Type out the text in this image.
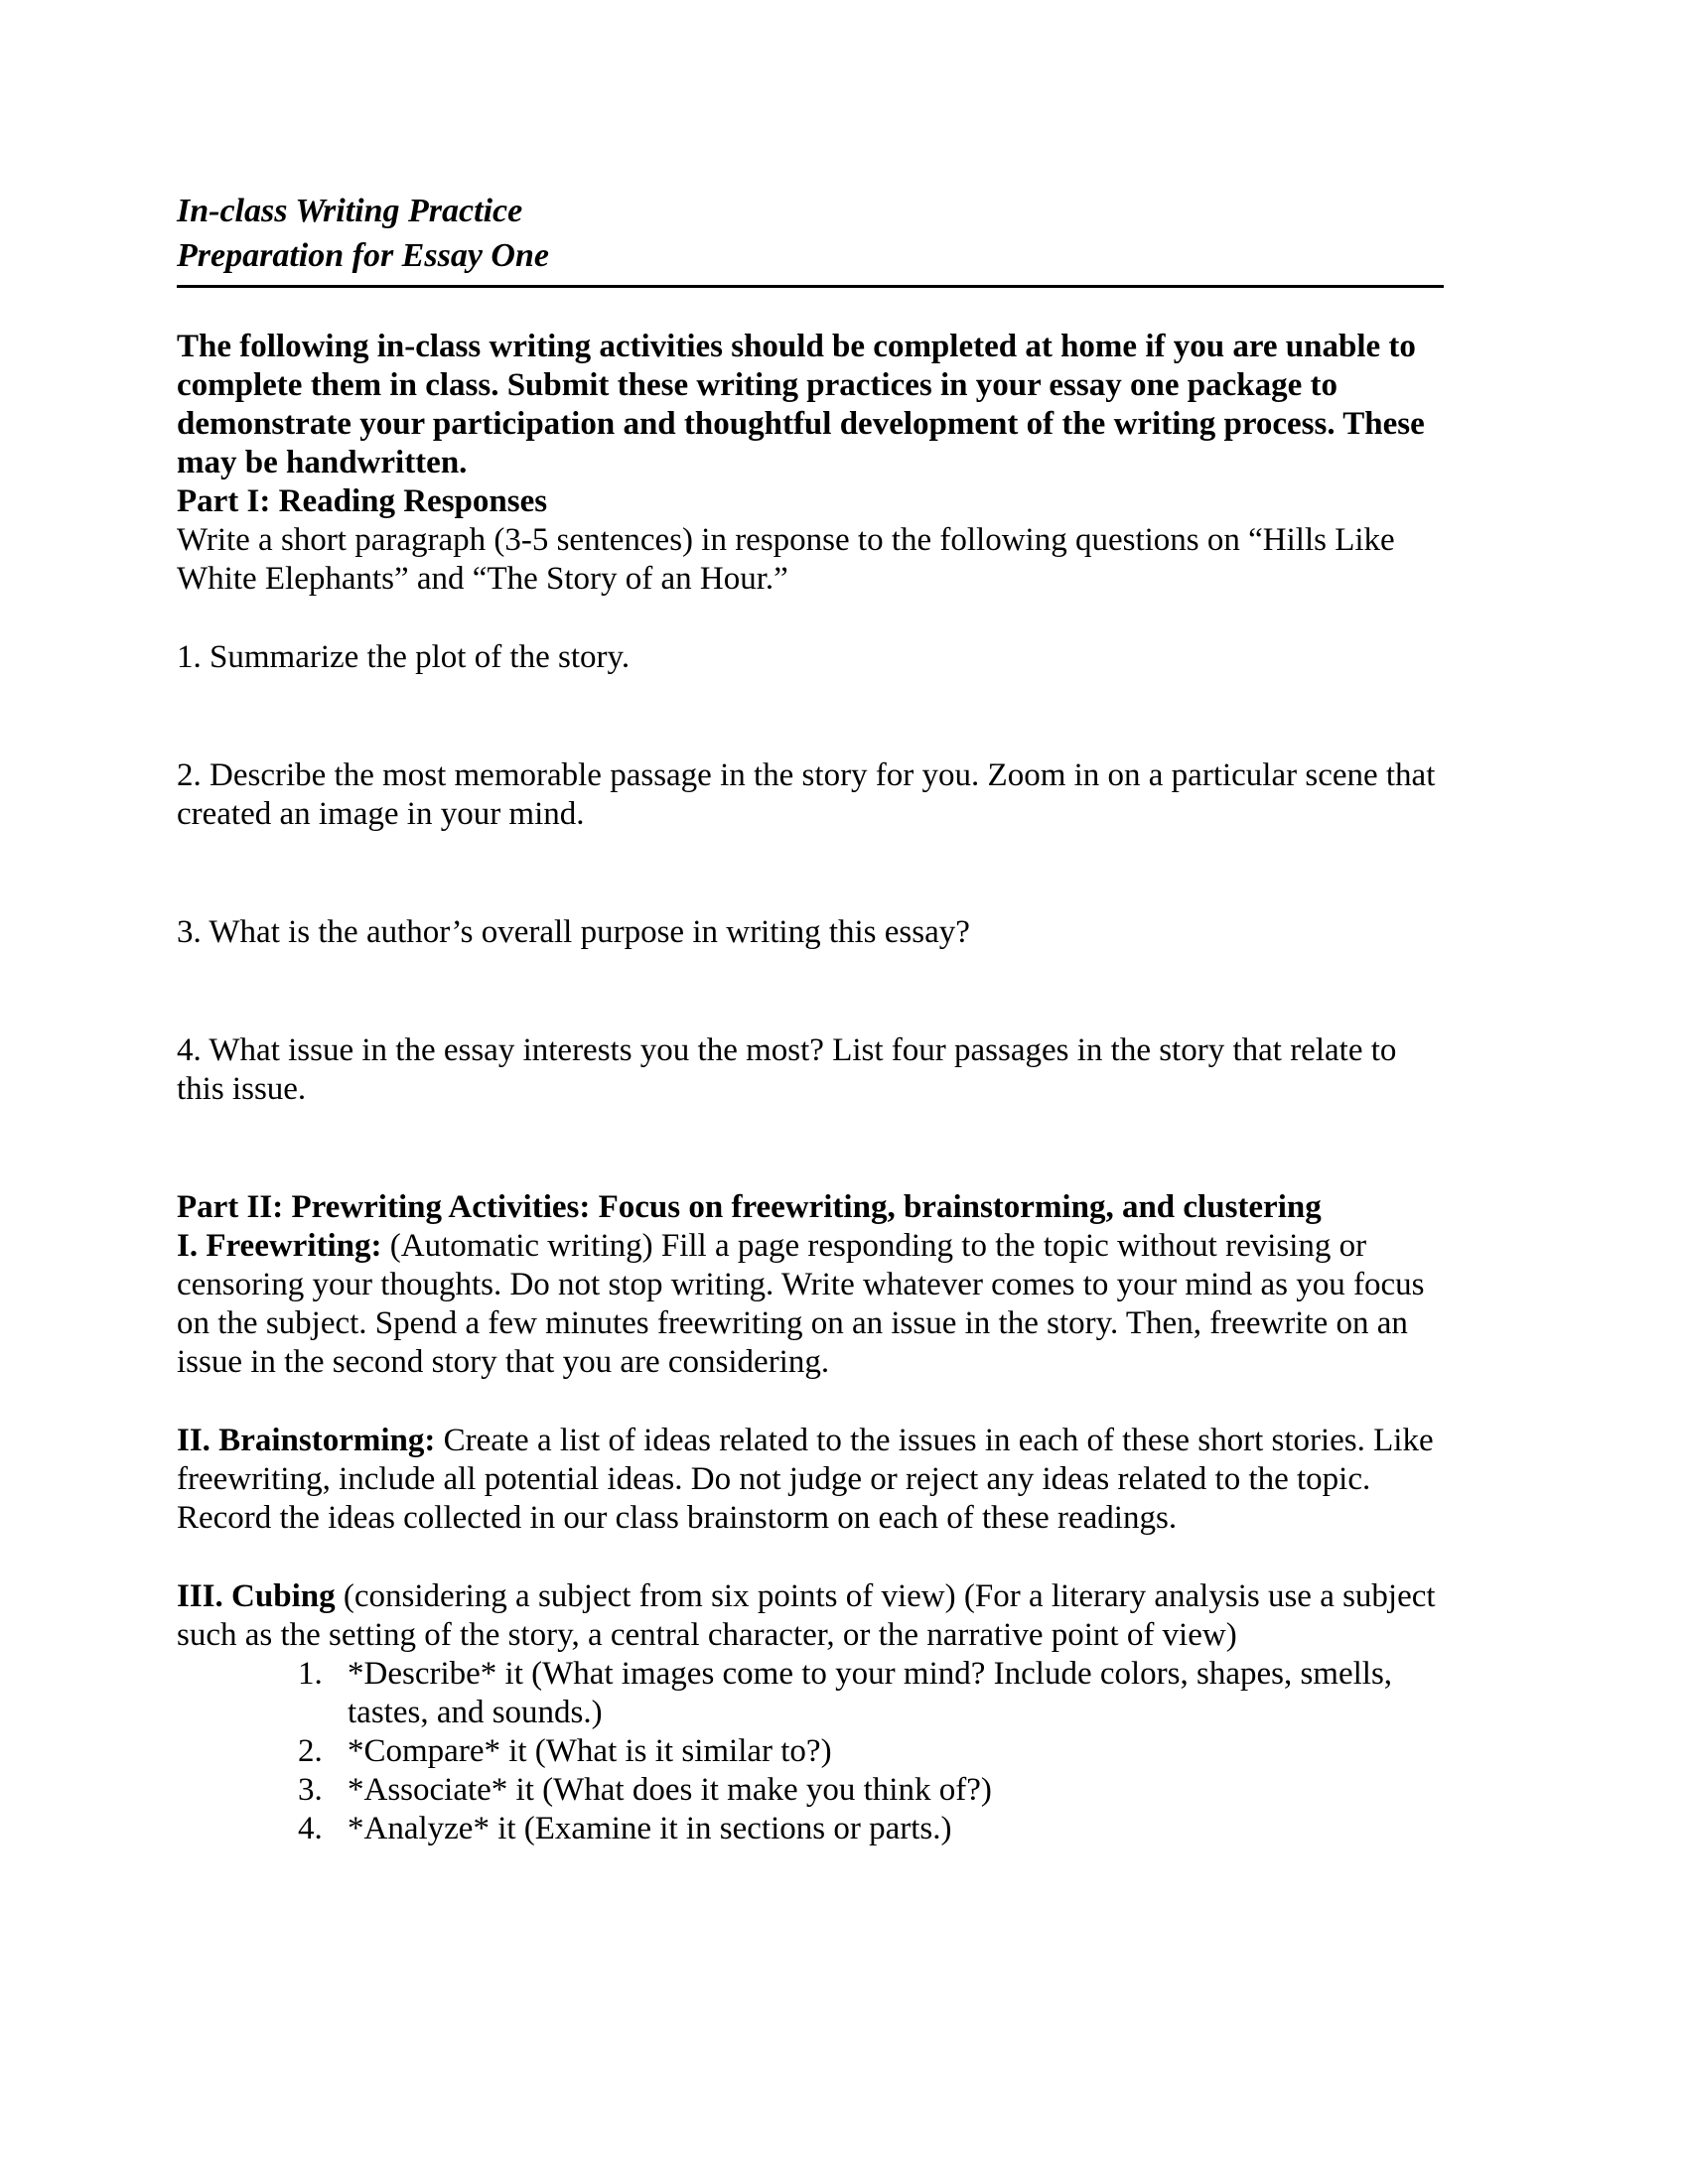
In-class Writing Practice
Preparation for Essay One

The following in-class writing activities should be completed at home if you are unable to complete them in class. Submit these writing practices in your essay one package to demonstrate your participation and thoughtful development of the writing process. These may be handwritten.

Part I: Reading Responses

Write a short paragraph (3-5 sentences) in response to the following questions on “Hills Like White Elephants” and “The Story of an Hour.”

1. Summarize the plot of the story.

2. Describe the most memorable passage in the story for you. Zoom in on a particular scene that created an image in your mind.

3. What is the author’s overall purpose in writing this essay?

4. What issue in the essay interests you the most? List four passages in the story that relate to this issue.

Part II: Prewriting Activities: Focus on freewriting, brainstorming, and clustering

I. Freewriting: (Automatic writing) Fill a page responding to the topic without revising or censoring your thoughts. Do not stop writing. Write whatever comes to your mind as you focus on the subject. Spend a few minutes freewriting on an issue in the story. Then, freewrite on an issue in the second story that you are considering.

II. Brainstorming: Create a list of ideas related to the issues in each of these short stories. Like freewriting, include all potential ideas. Do not judge or reject any ideas related to the topic. Record the ideas collected in our class brainstorm on each of these readings.

III. Cubing (considering a subject from six points of view) (For a literary analysis use a subject such as the setting of the story, a central character, or the narrative point of view)

1. *Describe* it (What images come to your mind? Include colors, shapes, smells, tastes, and sounds.)
2. *Compare* it (What is it similar to?)
3. *Associate* it (What does it make you think of?)
4. *Analyze* it (Examine it in sections or parts.)
